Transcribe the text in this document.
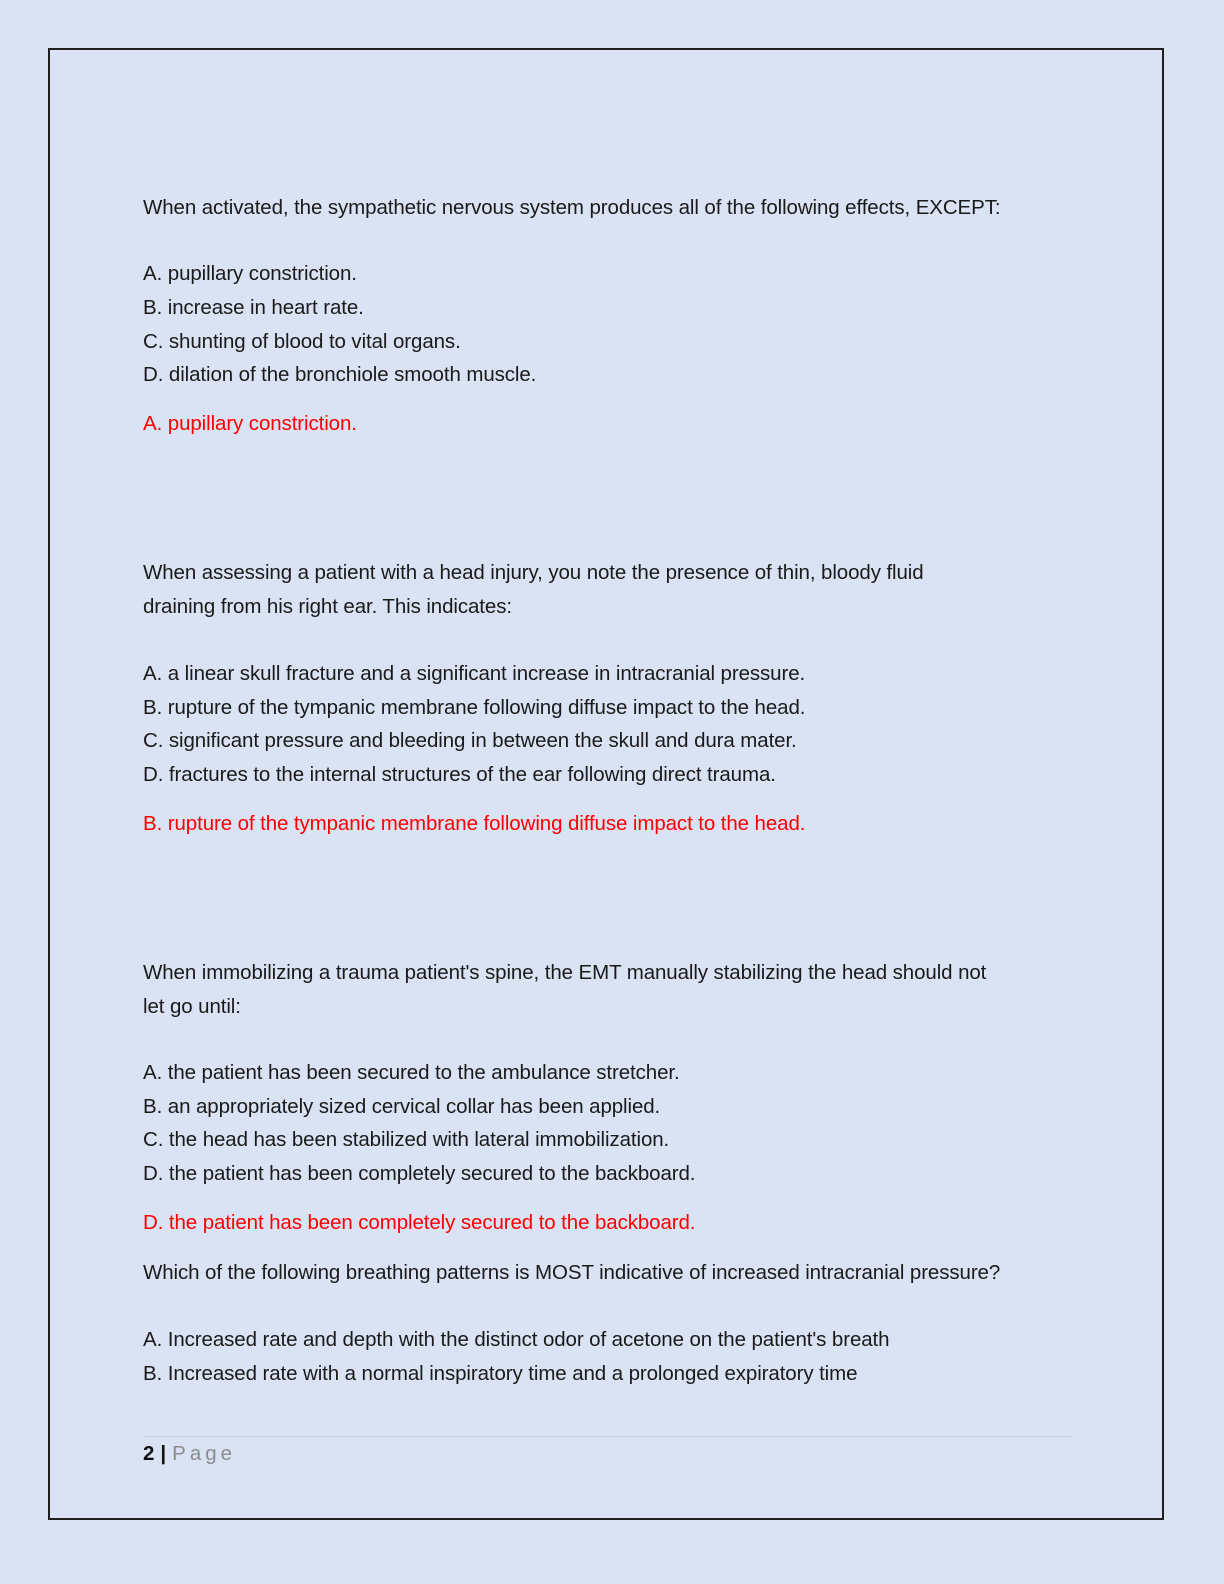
When activated, the sympathetic nervous system produces all of the following effects, EXCEPT:
A. pupillary constriction.
B. increase in heart rate.
C. shunting of blood to vital organs.
D. dilation of the bronchiole smooth muscle.
A. pupillary constriction.
When assessing a patient with a head injury, you note the presence of thin, bloody fluid
draining from his right ear. This indicates:
A. a linear skull fracture and a significant increase in intracranial pressure.
B. rupture of the tympanic membrane following diffuse impact to the head.
C. significant pressure and bleeding in between the skull and dura mater.
D. fractures to the internal structures of the ear following direct trauma.
B. rupture of the tympanic membrane following diffuse impact to the head.
When immobilizing a trauma patient's spine, the EMT manually stabilizing the head should not
let go until:
A. the patient has been secured to the ambulance stretcher.
B. an appropriately sized cervical collar has been applied.
C. the head has been stabilized with lateral immobilization.
D. the patient has been completely secured to the backboard.
D. the patient has been completely secured to the backboard.
Which of the following breathing patterns is MOST indicative of increased intracranial pressure?
A. Increased rate and depth with the distinct odor of acetone on the patient's breath
B. Increased rate with a normal inspiratory time and a prolonged expiratory time
2 | Page
